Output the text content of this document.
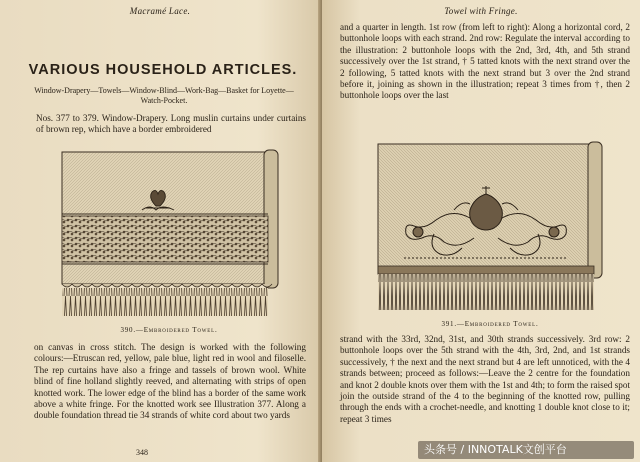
Macramé Lace.
VARIOUS HOUSEHOLD ARTICLES.
Window-Drapery—Towels—Window-Blind—Work-Bag—Basket for Loyette—Watch-Pocket.

Nos. 377 to 379. Window-Drapery. Long muslin curtains under curtains of brown rep, which have a border embroidered

390.—Embroidered Towel.

on canvas in cross stitch. The design is worked with the following colours:—Etruscan red, yellow, pale blue, light red in wool and filoselle. The rep curtains have also a fringe and tassels of brown wool. White blind of fine holland slightly reeved, and alternating with strips of open knotted work. The lower edge of the blind has a border of the same work above a white fringe. For the knotted work see Illustration 377. Along a double foundation thread tie 34 strands of white cord about two yards

348
Towel with Fringe.

and a quarter in length. 1st row (from left to right): Along a horizontal cord, 2 buttonhole loops with each strand. 2nd row: Regulate the interval according to the illustration: 2 buttonhole loops with the 2nd, 3rd, 4th, and 5th strand successively over the 1st strand, † 5 tatted knots with the next strand over the 2 following, 5 tatted knots with the next strand but 3 over the 2nd strand before it, joining as shown in the illustration; repeat 3 times from †, then 2 buttonhole loops over the last

391.—Embroidered Towel.

strand with the 33rd, 32nd, 31st, and 30th strands successively. 3rd row: 2 buttonhole loops over the 5th strand with the 4th, 3rd, 2nd, and 1st strands successively, † the next and the next strand but 4 are left unnoticed, with the 4 strands between; proceed as follows:—Leave the 2 centre for the foundation and knot 2 double knots over them with the 1st and 4th; to form the raised spot join the outside strand of the 4 to the beginning of the knotted row, pulling through the ends with a crochet-needle, and knotting 1 double knot close to it; repeat 3 times

头条号 / INNOTALK文创平台
